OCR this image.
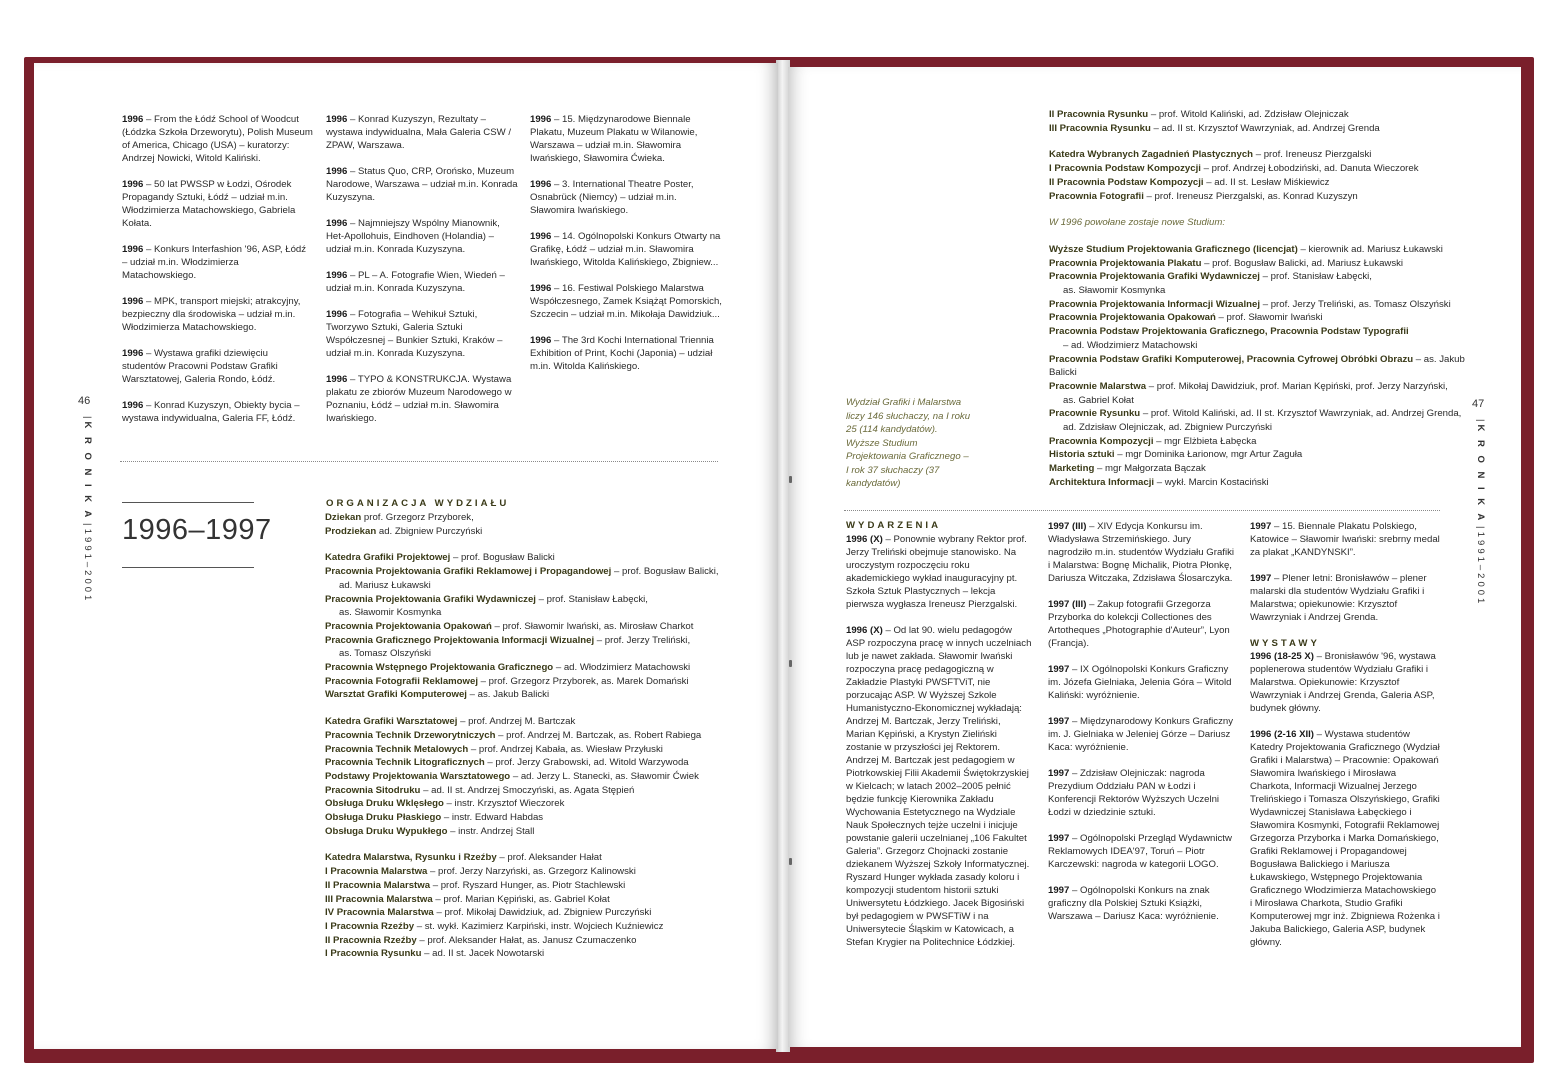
1996 – From the Łódź School of Woodcut (Łódzka Szkoła Drzeworytu), Polish Museum of America, Chicago (USA) – kuratorzy: Andrzej Nowicki, Witold Kaliński.

1996 – 50 lat PWSSP w Łodzi, Ośrodek Propagandy Sztuki, Łódź – udział m.in. Włodzimierza Matachowskiego, Gabriela Kołata.

1996 – Konkurs Interfashion '96, ASP, Łódź – udział m.in. Włodzimierza Matachowskiego.

1996 – MPK, transport miejski; atrakcyjny, bezpieczny dla środowiska – udział m.in. Włodzimierza Matachowskiego.

1996 – Wystawa grafiki dziewięciu studentów Pracowni Podstaw Grafiki Warsztatowej, Galeria Rondo, Łódź.

1996 – Konrad Kuzyszyn, Obiekty bycia – wystawa indywidualna, Galeria FF, Łódź.

1996 – Konrad Kuzyszyn, Rezultaty – wystawa indywidualna, Mała Galeria CSW / ZPAW, Warszawa.

1996 – Status Quo, CRP, Orońsko, Muzeum Narodowe, Warszawa – udział m.in. Konrada Kuzyszyna.

1996 – Najmniejszy Wspólny Mianownik, Het-Apollohuis, Eindhoven (Holandia) – udział m.in. Konrada Kuzyszyna.

1996 – PL – A. Fotografie Wien, Wiedeń – udział m.in. Konrada Kuzyszyna.

1996 – Fotografia – Wehikuł Sztuki, Tworzywo Sztuki, Galeria Sztuki Współczesnej – Bunkier Sztuki, Kraków – udział m.in. Konrada Kuzyszyna.

1996 – TYPO & KONSTRUKCJA. Wystawa plakatu ze zbiorów Muzeum Narodowego w Poznaniu, Łódź – udział m.in. Sławomira Iwańskiego.

1996 – 15. Międzynarodowe Biennale Plakatu, Muzeum Plakatu w Wilanowie, Warszawa – udział m.in. Sławomira Iwańskiego, Sławomira Ćwieka.

1996 – 3. International Theatre Poster, Osnabrück (Niemcy) – udział m.in. Sławomira Iwańskiego.

1996 – 14. Ogólnopolski Konkurs Otwarty na Grafikę, Łódź – udział m.in. Sławomira Iwańskiego, Witolda Kalińskiego, Zbigniew...

1996 – 16. Festiwal Polskiego Malarstwa Współczesnego, Zamek Książąt Pomorskich, Szczecin – udział m.in. Mikołaja Dawidziuk...

1996 – The 3rd Kochi International Triennia Exhibition of Print, Kochi (Japonia) – udział m.in. Witolda Kalińskiego.

46
|K R O N I K A|1991–2001 1996–1997

ORGANIZACJA WYDZIAŁU

Dziekan prof. Grzegorz Przyborek,
Prodziekan ad. Zbigniew Purczyński
Katedra Grafiki Projektowej – prof. Bogusław Balicki
Pracownia Projektowania Grafiki Reklamowej i Propagandowej – prof. Bogusław Balicki,
ad. Mariusz Łukawski
Pracownia Projektowania Grafiki Wydawniczej – prof. Stanisław Łabęcki,
as. Sławomir Kosmynka
Pracownia Projektowania Opakowań – prof. Sławomir Iwański, as. Mirosław Charkot
Pracownia Graficznego Projektowania Informacji Wizualnej – prof. Jerzy Treliński,
as. Tomasz Olszyński
Pracownia Wstępnego Projektowania Graficznego – ad. Włodzimierz Matachowski
Pracownia Fotografii Reklamowej – prof. Grzegorz Przyborek, as. Marek Domański
Warsztat Grafiki Komputerowej – as. Jakub Balicki
Katedra Grafiki Warsztatowej – prof. Andrzej M. Bartczak
Pracownia Technik Drzeworytniczych – prof. Andrzej M. Bartczak, as. Robert Rabiega
Pracownia Technik Metalowych – prof. Andrzej Kabała, as. Wiesław Przyłuski
Pracownia Technik Litograficznych – prof. Jerzy Grabowski, ad. Witold Warzywoda
Podstawy Projektowania Warsztatowego – ad. Jerzy L. Stanecki, as. Sławomir Ćwiek
Pracownia Sitodruku – ad. II st. Andrzej Smoczyński, as. Agata Stępień
Obsługa Druku Wklęsłego – instr. Krzysztof Wieczorek
Obsługa Druku Płaskiego – instr. Edward Habdas
Obsługa Druku Wypukłego – instr. Andrzej Stall
Katedra Malarstwa, Rysunku i Rzeźby – prof. Aleksander Hałat
I Pracownia Malarstwa – prof. Jerzy Narzyński, as. Grzegorz Kalinowski
II Pracownia Malarstwa – prof. Ryszard Hunger, as. Piotr Stachlewski
III Pracownia Malarstwa – prof. Marian Kępiński, as. Gabriel Kołat
IV Pracownia Malarstwa – prof. Mikołaj Dawidziuk, ad. Zbigniew Purczyński
I Pracownia Rzeźby – st. wykł. Kazimierz Karpiński, instr. Wojciech Kuźniewicz
II Pracownia Rzeźby – prof. Aleksander Hałat, as. Janusz Czumaczenko
I Pracownia Rysunku – ad. II st. Jacek Nowotarski
47
|K R O N I K A|1991–2001
II Pracownia Rysunku – prof. Witold Kaliński, ad. Zdzisław Olejniczak
III Pracownia Rysunku – ad. II st. Krzysztof Wawrzyniak, ad. Andrzej Grenda
Katedra Wybranych Zagadnień Plastycznych – prof. Ireneusz Pierzgalski
I Pracownia Podstaw Kompozycji – prof. Andrzej Łobodziński, ad. Danuta Wieczorek
II Pracownia Podstaw Kompozycji – ad. II st. Lesław Miśkiewicz
Pracownia Fotografii – prof. Ireneusz Pierzgalski, as. Konrad Kuzyszyn
W 1996 powołane zostaje nowe Studium:
Wyższe Studium Projektowania Graficznego (licencjat) – kierownik ad. Mariusz Łukawski
Pracownia Projektowania Plakatu – prof. Bogusław Balicki, ad. Mariusz Łukawski
Pracownia Projektowania Grafiki Wydawniczej – prof. Stanisław Łabęcki,
as. Sławomir Kosmynka
Pracownia Projektowania Informacji Wizualnej – prof. Jerzy Treliński, as. Tomasz Olszyński
Pracownia Projektowania Opakowań – prof. Sławomir Iwański
Pracownia Podstaw Projektowania Graficznego, Pracownia Podstaw Typografii
– ad. Włodzimierz Matachowski
Pracownia Podstaw Grafiki Komputerowej, Pracownia Cyfrowej Obróbki Obrazu – as. Jakub Balicki
Pracownie Malarstwa – prof. Mikołaj Dawidziuk, prof. Marian Kępiński, prof. Jerzy Narzyński,
as. Gabriel Kołat
Pracownie Rysunku – prof. Witold Kaliński, ad. II st. Krzysztof Wawrzyniak, ad. Andrzej Grenda,
ad. Zdzisław Olejniczak, ad. Zbigniew Purczyński
Pracownia Kompozycji – mgr Elżbieta Łabęcka
Historia sztuki – mgr Dominika Łarionow, mgr Artur Zaguła
Marketing – mgr Małgorzata Bączak
Architektura Informacji – wykł. Marcin Kostaciński
Wydział Grafiki i Malarstwa liczy 146 słuchaczy, na I roku 25 (114 kandydatów). Wyższe Studium Projektowania Graficznego – I rok 37 słuchaczy (37 kandydatów)

WYDARZENIA

1996 (X) – Ponownie wybrany Rektor prof. Jerzy Treliński obejmuje stanowisko. Na uroczystym rozpoczęciu roku akademickiego wykład inauguracyjny pt. Szkoła Sztuk Plastycznych – lekcja pierwsza wygłasza Ireneusz Pierzgalski.

1996 (X) – Od lat 90. wielu pedagogów ASP rozpoczyna pracę w innych uczelniach lub je nawet zakłada. Sławomir Iwański rozpoczyna pracę pedagogiczną w Zakładzie Plastyki PWSFTViT, nie porzucając ASP. W Wyższej Szkole Humanistyczno-Ekonomicznej wykładają: Andrzej M. Bartczak, Jerzy Treliński, Marian Kępiński, a Krystyn Zieliński zostanie w przyszłości jej Rektorem. Andrzej M. Bartczak jest pedagogiem w Piotrkowskiej Filii Akademii Świętokrzyskiej w Kielcach; w latach 2002–2005 pełnić będzie funkcję Kierownika Zakładu Wychowania Estetycznego na Wydziale Nauk Społecznych tejże uczelni i inicjuje powstanie galerii uczelnianej „106 Fakultet Galeria”. Grzegorz Chojnacki zostanie dziekanem Wyższej Szkoły Informatycznej. Ryszard Hunger wykłada zasady koloru i kompozycji studentom historii sztuki Uniwersytetu Łódzkiego. Jacek Bigosiński był pedagogiem w PWSFTiW i na Uniwersytecie Śląskim w Katowicach, a Stefan Krygier na Politechnice Łódzkiej.

1997 (III) – XIV Edycja Konkursu im. Władysława Strzemińskiego. Jury nagrodziło m.in. studentów Wydziału Grafiki i Malarstwa: Bognę Michalik, Piotra Płonkę, Dariusza Witczaka, Zdzisława Ślosarczyka.

1997 (III) – Zakup fotografii Grzegorza Przyborka do kolekcji Collectiones des Artotheques „Photographie d'Auteur”, Lyon (Francja).

1997 – IX Ogólnopolski Konkurs Graficzny im. Józefa Gielniaka, Jelenia Góra – Witold Kaliński: wyróżnienie.

1997 – Międzynarodowy Konkurs Graficzny im. J. Gielniaka w Jeleniej Górze – Dariusz Kaca: wyróżnienie.

1997 – Zdzisław Olejniczak: nagroda Prezydium Oddziału PAN w Łodzi i Konferencji Rektorów Wyższych Uczelni Łodzi w dziedzinie sztuki.

1997 – Ogólnopolski Przegląd Wydawnictw Reklamowych IDEA'97, Toruń – Piotr Karczewski: nagroda w kategorii LOGO.

1997 – Ogólnopolski Konkurs na znak graficzny dla Polskiej Sztuki Książki, Warszawa – Dariusz Kaca: wyróżnienie.

1997 – 15. Biennale Plakatu Polskiego, Katowice – Sławomir Iwański: srebrny medal za plakat „KANDYNSKI”.

1997 – Plener letni: Bronisławów – plener malarski dla studentów Wydziału Grafiki i Malarstwa; opiekunowie: Krzysztof Wawrzyniak i Andrzej Grenda.

WYSTAWY

1996 (18-25 X) – Bronisławów '96, wystawa poplenerowa studentów Wydziału Grafiki i Malarstwa. Opiekunowie: Krzysztof Wawrzyniak i Andrzej Grenda, Galeria ASP, budynek główny.

1996 (2-16 XII) – Wystawa studentów Katedry Projektowania Graficznego (Wydział Grafiki i Malarstwa) – Pracownie: Opakowań Sławomira Iwańskiego i Mirosława Charkota, Informacji Wizualnej Jerzego Trelińskiego i Tomasza Olszyńskiego, Grafiki Wydawniczej Stanisława Łabęckiego i Sławomira Kosmynki, Fotografii Reklamowej Grzegorza Przyborka i Marka Domańskiego, Grafiki Reklamowej i Propagandowej Bogusława Balickiego i Mariusza Łukawskiego, Wstępnego Projektowania Graficznego Włodzimierza Matachowskiego i Mirosława Charkota, Studio Grafiki Komputerowej mgr inż. Zbigniewa Rożenka i Jakuba Balickiego, Galeria ASP, budynek główny.
